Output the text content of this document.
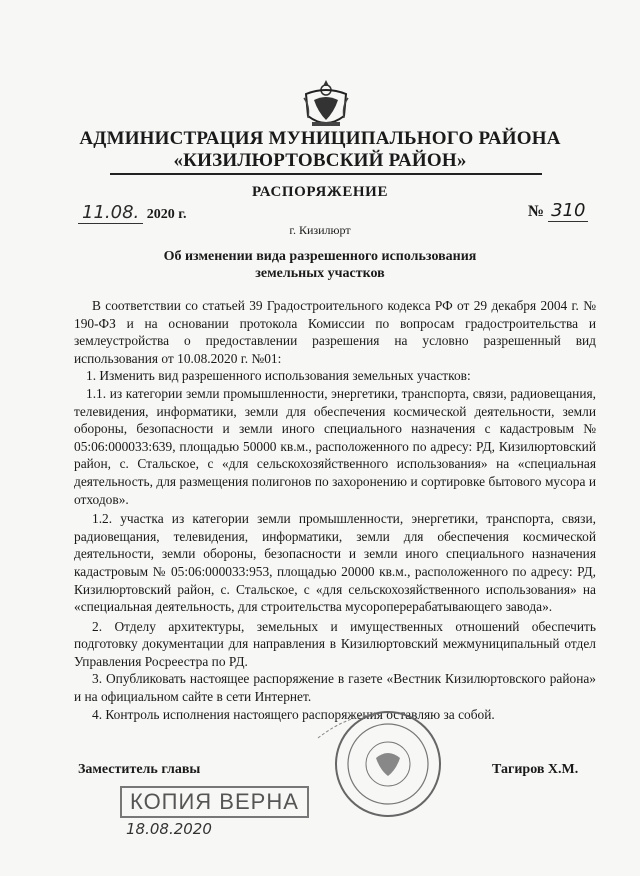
АДМИНИСТРАЦИЯ МУНИЦИПАЛЬНОГО РАЙОНА
«КИЗИЛЮРТОВСКИЙ РАЙОН»
РАСПОРЯЖЕНИЕ
11.08. 2020 г.	№ 310
г. Кизилюрт
Об изменении вида разрешенного использования
земельных участков

В соответствии со статьей 39 Градостроительного кодекса РФ от 29 декабря 2004 г. № 190-ФЗ и на основании протокола Комиссии по вопросам градостроительства и землеустройства о предоставлении разрешения на условно разрешенный вид использования от 10.08.2020 г. №01:

1. Изменить вид разрешенного использования земельных участков:

1.1. из категории земли промышленности, энергетики, транспорта, связи, радиовещания, телевидения, информатики, земли для обеспечения космической деятельности, земли обороны, безопасности и земли иного специального назначения с кадастровым № 05:06:000033:639, площадью 50000 кв.м., расположенного по адресу: РД, Кизилюртовский район, с. Стальское, с «для сельскохозяйственного использования» на «специальная деятельность, для размещения полигонов по захоронению и сортировке бытового мусора и отходов».

1.2. участка из категории земли промышленности, энергетики, транспорта, связи, радиовещания, телевидения, информатики, земли для обеспечения космической деятельности, земли обороны, безопасности и земли иного специального назначения кадастровым № 05:06:000033:953, площадью 20000 кв.м., расположенного по адресу: РД, Кизилюртовский район, с. Стальское, с «для сельскохозяйственного использования» на «специальная деятельность, для строительства мусороперерабатывающего завода».

2. Отделу архитектуры, земельных и имущественных отношений обеспечить подготовку документации для направления в Кизилюртовский межмуниципальный отдел Управления Росреестра по РД.

3. Опубликовать настоящее распоряжение в газете «Вестник Кизилюртовского района» и на официальном сайте в сети Интернет.

4. Контроль исполнения настоящего распоряжения оставляю за собой.

Заместитель главы	Тагиров Х.М.
КОПИЯ ВЕРНА
18.08.2020
